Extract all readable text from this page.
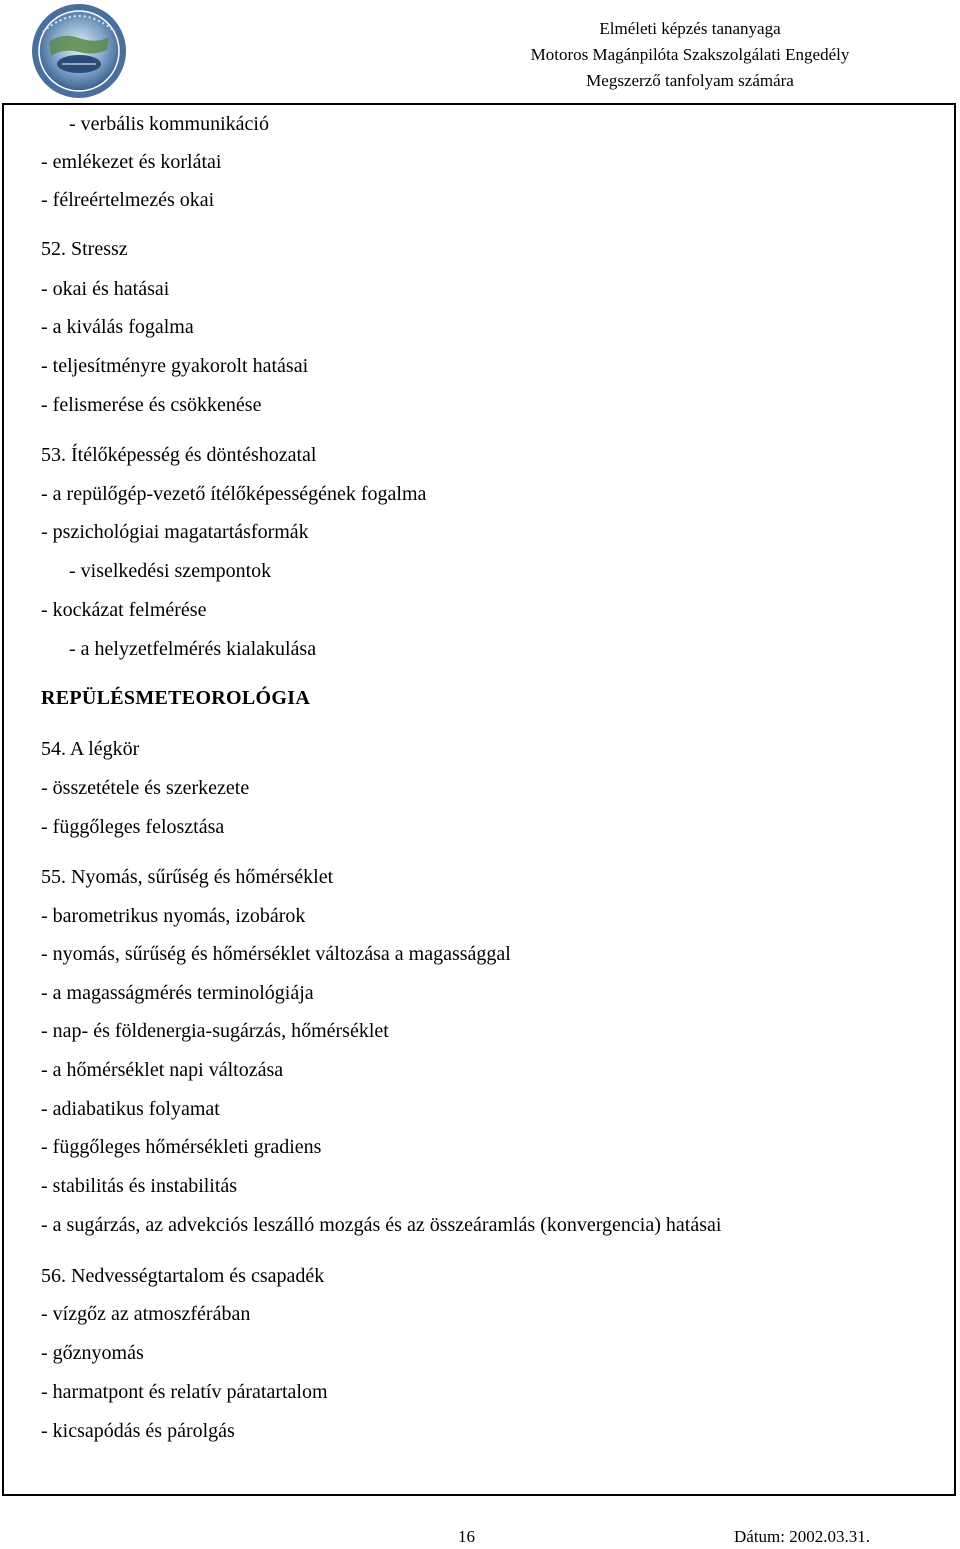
Elméleti képzés tananyaga
Motoros Magánpilóta Szakszolgálati Engedély
Megszerző tanfolyam számára
- verbális kommunikáció
- emlékezet és korlátai
- félreértelmezés okai
52. Stressz
- okai és hatásai
- a kiválás fogalma
- teljesítményre gyakorolt hatásai
- felismerése és csökkenése
53. Ítélőképesség és döntéshozatal
- a repülőgép-vezető ítélőképességének fogalma
- pszichológiai magatartásformák
- viselkedési szempontok
- kockázat felmérése
- a helyzetfelmérés kialakulása
REPÜLÉSMETEOROLÓGIA
54. A légkör
- összetétele és szerkezete
- függőleges felosztása
55. Nyomás, sűrűség és hőmérséklet
- barometrikus nyomás, izobárok
- nyomás, sűrűség és hőmérséklet változása a magassággal
- a magasságmérés terminológiája
- nap- és földenergia-sugárzás, hőmérséklet
- a hőmérséklet napi változása
- adiabatikus folyamat
- függőleges hőmérsékleti gradiens
- stabilitás és instabilitás
- a sugárzás, az advekciós leszálló mozgás és az összeáramlás (konvergencia) hatásai
56. Nedvességtartalom és csapadék
- vízgőz az atmoszférában
- gőznyomás
- harmatpont és relatív páratartalom
- kicsapódás és párolgás
16	Dátum: 2002.03.31.
